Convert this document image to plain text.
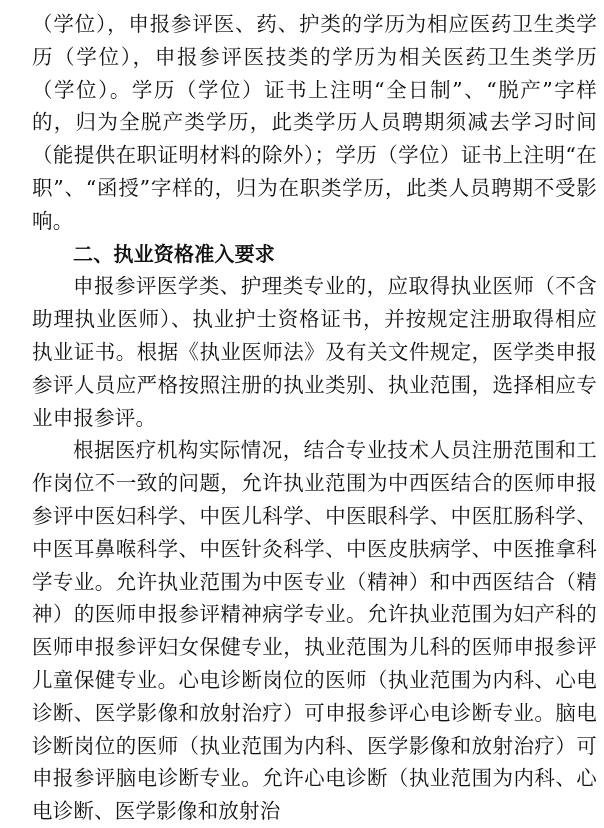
（学位），申报参评医、药、护类的学历为相应医药卫生类学历（学位），申报参评医技类的学历为相关医药卫生类学历（学位）。学历（学位）证书上注明“全日制”、“脱产”字样的，归为全脱产类学历，此类学历人员聘期须减去学习时间（能提供在职证明材料的除外）；学历（学位）证书上注明“在职”、“函授”字样的，归为在职类学历，此类人员聘期不受影响。

二、执业资格准入要求

申报参评医学类、护理类专业的，应取得执业医师（不含助理执业医师）、执业护士资格证书，并按规定注册取得相应执业证书。根据《执业医师法》及有关文件规定，医学类申报参评人员应严格按照注册的执业类别、执业范围，选择相应专业申报参评。

根据医疗机构实际情况，结合专业技术人员注册范围和工作岗位不一致的问题，允许执业范围为中西医结合的医师申报参评中医妇科学、中医儿科学、中医眼科学、中医肛肠科学、中医耳鼻喉科学、中医针灸科学、中医皮肤病学、中医推拿科学专业。允许执业范围为中医专业（精神）和中西医结合（精神）的医师申报参评精神病学专业。允许执业范围为妇产科的医师申报参评妇女保健专业，执业范围为儿科的医师申报参评儿童保健专业。心电诊断岗位的医师（执业范围为内科、心电诊断、医学影像和放射治疗）可申报参评心电诊断专业。脑电诊断岗位的医师（执业范围为内科、医学影像和放射治疗）可申报参评脑电诊断专业。允许心电诊断（执业范围为内科、心电诊断、医学影像和放射治
